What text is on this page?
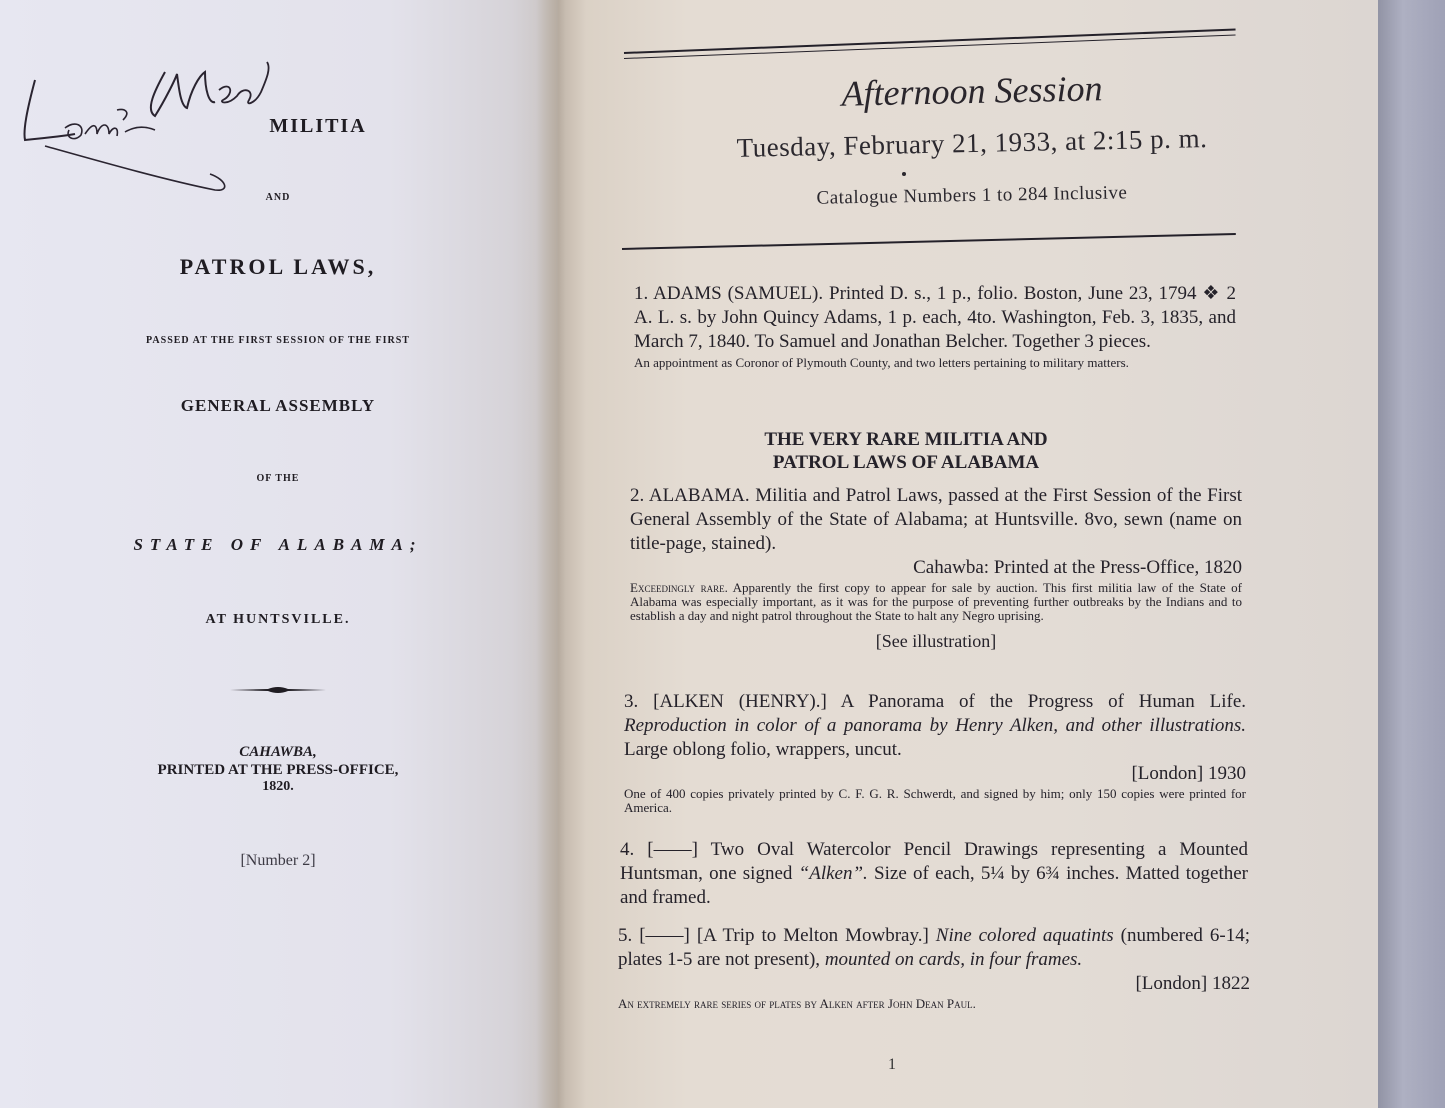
MILITIA
AND
PATROL LAWS,
PASSED AT THE FIRST SESSION OF THE FIRST
GENERAL ASSEMBLY
OF THE
STATE OF ALABAMA;
AT HUNTSVILLE.
CAHAWBA,
PRINTED AT THE PRESS-OFFICE,
1820.
[Number 2]
Afternoon Session
Tuesday, February 21, 1933, at 2:15 p. m.
Catalogue Numbers 1 to 284 Inclusive
1. ADAMS (SAMUEL). Printed D. s., 1 p., folio. Boston, June 23, 1794 ❖ 2 A. L. s. by John Quincy Adams, 1 p. each, 4to. Washington, Feb. 3, 1835, and March 7, 1840. To Samuel and Jonathan Belcher. Together 3 pieces.
An appointment as Coronor of Plymouth County, and two letters pertaining to military matters.
THE VERY RARE MILITIA AND
PATROL LAWS OF ALABAMA
2. ALABAMA. Militia and Patrol Laws, passed at the First Session of the First General Assembly of the State of Alabama; at Huntsville. 8vo, sewn (name on title-page, stained).
Cahawba: Printed at the Press-Office, 1820
Exceedingly rare. Apparently the first copy to appear for sale by auction. This first militia law of the State of Alabama was especially important, as it was for the purpose of preventing further outbreaks by the Indians and to establish a day and night patrol throughout the State to halt any Negro uprising.
[See illustration]
3. [ALKEN (HENRY).] A Panorama of the Progress of Human Life. Reproduction in color of a panorama by Henry Alken, and other illustrations. Large oblong folio, wrappers, uncut.
[London] 1930
One of 400 copies privately printed by C. F. G. R. Schwerdt, and signed by him; only 150 copies were printed for America.
4. [——] Two Oval Watercolor Pencil Drawings representing a Mounted Huntsman, one signed “Alken”. Size of each, 5¼ by 6¾ inches. Matted together and framed.
5. [——] [A Trip to Melton Mowbray.] Nine colored aquatints (numbered 6-14; plates 1-5 are not present), mounted on cards, in four frames.
[London] 1822
An extremely rare series of plates by Alken after John Dean Paul.
1
